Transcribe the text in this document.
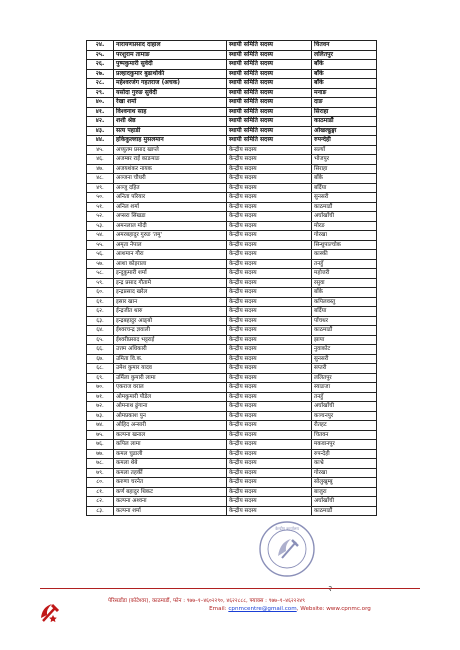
२४.	नारायणप्रसाद दाहाल	स्थायी समिति सदस्य	चितवन
२५.	परशुराम तामाङ	स्थायी समिति सदस्य	ललितपुर
२६.	पुष्पकुमारी सुवेदी	स्थायी समिति सदस्य	बाँके
२७.	प्रल्हादकुमार बुढाथोकी	स्थायी समिति सदस्य	बाँके
२८.	महेश्वरजंग गहतराज (अचक)	स्थायी समिति सदस्य	बाँके
२९.	यसोदा गुरुङ सुवेदी	स्थायी समिति सदस्य	मनाङ
४०.	रेखा शर्मा	स्थायी समिति सदस्य	दाङ
४१.	विश्वनाथ साह	स्थायी समिति सदस्य	सिराहा
४२.	शशी श्रेष्ठ	स्थायी समिति सदस्य	काठमाडौं
४३.	सत्य पहाडी	स्थायी समिति सदस्य	ओखल्ढुङ्गा
४४.	हकिकुल्लाह मुसलमान	स्थायी समिति सदस्य	रुपन्देही
४५.	अच्युतम प्रसाद खाप्ले	केन्द्रीय सदस्य	सल्याँ
४६.	अजम्बर राई काङमाङ	केन्द्रीय सदस्य	भोजपुर
४७.	अजयशंकर नायक	केन्द्रीय सदस्य	सिराहा
४८.	अञ्जना चौधरी	केन्द्रीय सदस्य	बाँके
४९.	अञ्जु दहित	केन्द्रीय सदस्य	बर्दिया
५०.	अनिता परियार	केन्द्रीय सदस्य	सुनसरी
५१.	अनिल शर्मा	केन्द्रीय सदस्य	काठमाडौं
५२.	अप्सरा सिंखडा	केन्द्रीय सदस्य	अर्घाखाँची
५३.	अमनलाल मोदी	केन्द्रीय सदस्य	मोरङ
५४.	अमरबहादुर गुरुङ 'तमु'	केन्द्रीय सदस्य	गोरखा
५५.	अमृता नेपाल	केन्द्रीय सदस्य	सिन्धुपाल्चोक
५६.	आशमान गौरा	केन्द्रीय सदस्य	कास्की
५७.	आशा कोइराला	केन्द्रीय सदस्य	तनहुँ
५८.	इन्दुकुमारी शर्मा	केन्द्रीय सदस्य	महोत्तरी
५९.	इन्द्र प्रसाद गौतामे	केन्द्रीय सदस्य	रसुवा
६०.	इन्द्रप्रसाद खरेल	केन्द्रीय सदस्य	बाँके
६१.	इसार खान	केन्द्रीय सदस्य	कपिलवस्तु
६२.	ईन्द्रजीत थारु	केन्द्रीय सदस्य	बर्दिया
६३.	इन्द्रबहादुर आङ्बो	केन्द्रीय सदस्य	पाँचथर
६४.	ईश्वरचन्द्र ज्ञवाली	केन्द्रीय सदस्य	काठमाडौं
६५.	ईश्वरीप्रसाद भट्टराई	केन्द्रीय सदस्य	झापा
६६.	उत्तम अधिकारी	केन्द्रीय सदस्य	नुवाकोट
६७.	उमिता वि.क.	केन्द्रीय सदस्य	सुनसरी
६८.	उमेश कुमार यादव	केन्द्रीय सदस्य	सप्तरी
६९.	उर्मिला कुमारी लामा	केन्द्रीय सदस्य	ललितपुर
७०.	एकराज वराल	केन्द्रीय सदस्य	स्याङजा
७१.	ओमकुमारी पौडेल	केन्द्रीय सदस्य	तनहुँ
७२.	ओमनाथ ढुंगाना	केन्द्रीय सदस्य	अर्घाखाँची
७३.	ओमप्रकाश पुन	केन्द्रीय सदस्य	कञ्चनपुर
७४.	ओहिद अन्सारी	केन्द्रीय सदस्य	रौतहट
७५.	कल्पना खनाल	केन्द्रीय सदस्य	चितवन
७६.	कपिल लामा	केन्द्रीय सदस्य	मकवानपुर
७७.	कमल चुडाली	केन्द्रीय सदस्य	रुपन्देही
७८.	कमला थेबे	केन्द्रीय सदस्य	काभ्रे
७९.	कमला तहर्की	केन्द्रीय सदस्य	गोरखा
८०.	करुणा चरनेत	केन्द्रीय सदस्य	सोलुखुम्बु
८१.	कर्ण बहादुर थिकट	केन्द्रीय सदस्य	बाजुरा
८२.	कल्पना अश्वना	केन्द्रीय सदस्य	अर्घाखाँची
८३.	कल्पना शर्मा	केन्द्रीय सदस्य	काठमाडौं
केन्द्रीय कार्यालय
२
पेरिसडाँडा (कोटेश्वर), काठमाडौं, फोन : ९७७–१–४६०२२९०, ४६२२८८८, फ्याक्स : ९७७–१–४६२२२४९
Email: cpnmcentre@gmail.com, Website: www.cpnmc.org
